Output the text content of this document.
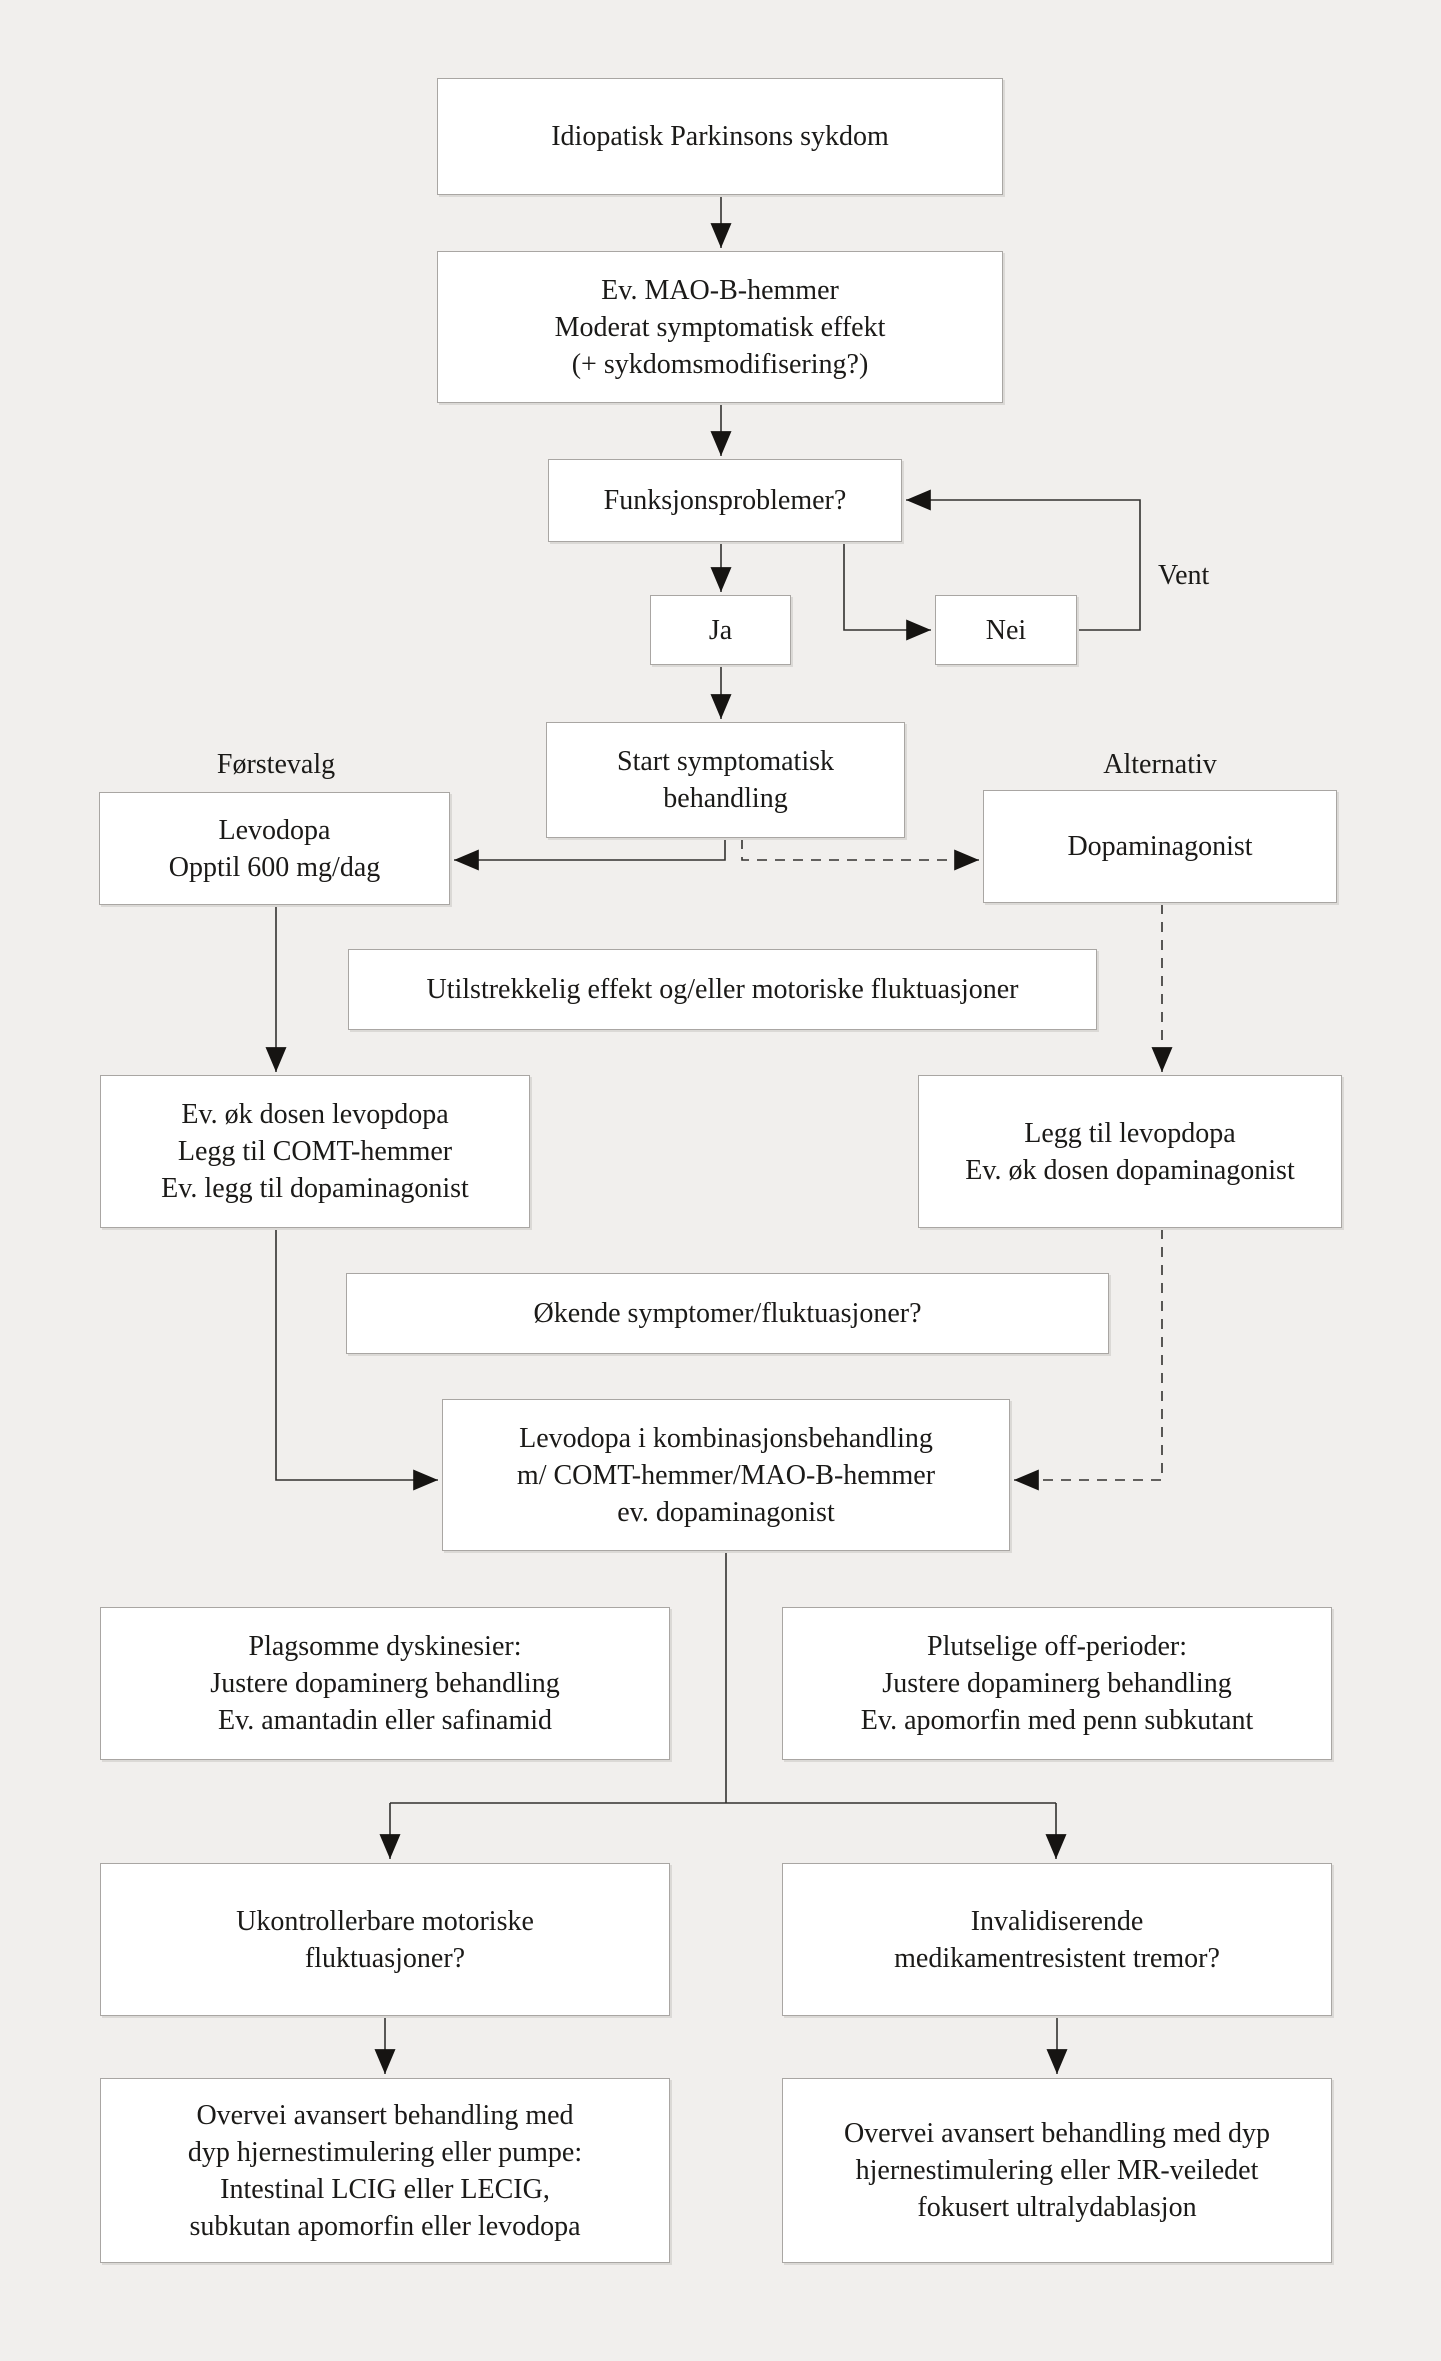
Idiopatisk Parkinsons sykdom
Ev. MAO-B-hemmer
Moderat symptomatisk effekt
(+ sykdomsmodifisering?)
Funksjonsproblemer?
Ja	Nei
Vent
Start symptomatisk
behandling
Førstevalg	Alternativ
Levodopa
Opptil 600 mg/dag
Dopaminagonist
Utilstrekkelig effekt og/eller motoriske fluktuasjoner
Ev. øk dosen levopdopa
Legg til COMT-hemmer
Ev. legg til dopaminagonist
Legg til levopdopa
Ev. øk dosen dopaminagonist
Økende symptomer/fluktuasjoner?
Levodopa i kombinasjonsbehandling
m/ COMT-hemmer/MAO-B-hemmer
ev. dopaminagonist
Plagsomme dyskinesier:
Justere dopaminerg behandling
Ev. amantadin eller safinamid
Plutselige off-perioder:
Justere dopaminerg behandling
Ev. apomorfin med penn subkutant
Ukontrollerbare motoriske
fluktuasjoner?
Invalidiserende
medikamentresistent tremor?
Overvei avansert behandling med
dyp hjernestimulering eller pumpe:
Intestinal LCIG eller LECIG,
subkutan apomorfin eller levodopa
Overvei avansert behandling med dyp
hjernestimulering eller MR-veiledet
fokusert ultralydablasjon
